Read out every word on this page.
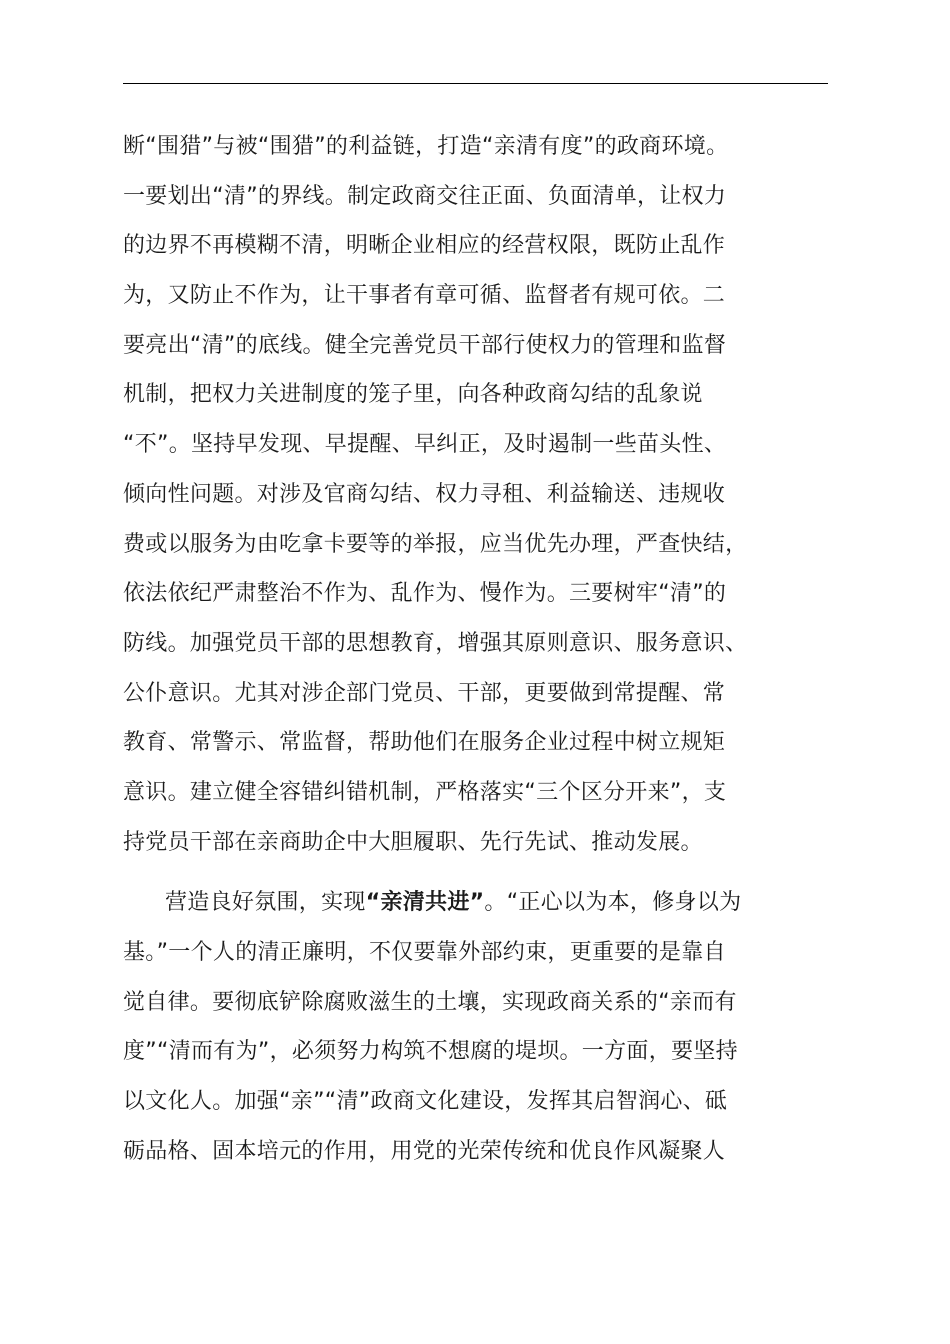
断“围猎”与被“围猎”的利益链，打造“亲清有度”的政商环境。
一要划出“清”的界线。制定政商交往正面、负面清单，让权力
的边界不再模糊不清，明晰企业相应的经营权限，既防止乱作
为，又防止不作为，让干事者有章可循、监督者有规可依。二
要亮出“清”的底线。健全完善党员干部行使权力的管理和监督
机制，把权力关进制度的笼子里，向各种政商勾结的乱象说
“不”。坚持早发现、早提醒、早纠正，及时遏制一些苗头性、
倾向性问题。对涉及官商勾结、权力寻租、利益输送、违规收
费或以服务为由吃拿卡要等的举报，应当优先办理，严查快结，
依法依纪严肃整治不作为、乱作为、慢作为。三要树牢“清”的
防线。加强党员干部的思想教育，增强其原则意识、服务意识、
公仆意识。尤其对涉企部门党员、干部，更要做到常提醒、常
教育、常警示、常监督，帮助他们在服务企业过程中树立规矩
意识。建立健全容错纠错机制，严格落实“三个区分开来”，支
持党员干部在亲商助企中大胆履职、先行先试、推动发展。

营造良好氛围，实现“亲清共进”。“正心以为本，修身以为
基。”一个人的清正廉明，不仅要靠外部约束，更重要的是靠自
觉自律。要彻底铲除腐败滋生的土壤，实现政商关系的“亲而有
度”“清而有为”，必须努力构筑不想腐的堤坝。一方面，要坚持
以文化人。加强“亲”“清”政商文化建设，发挥其启智润心、砥
砺品格、固本培元的作用，用党的光荣传统和优良作风凝聚人
